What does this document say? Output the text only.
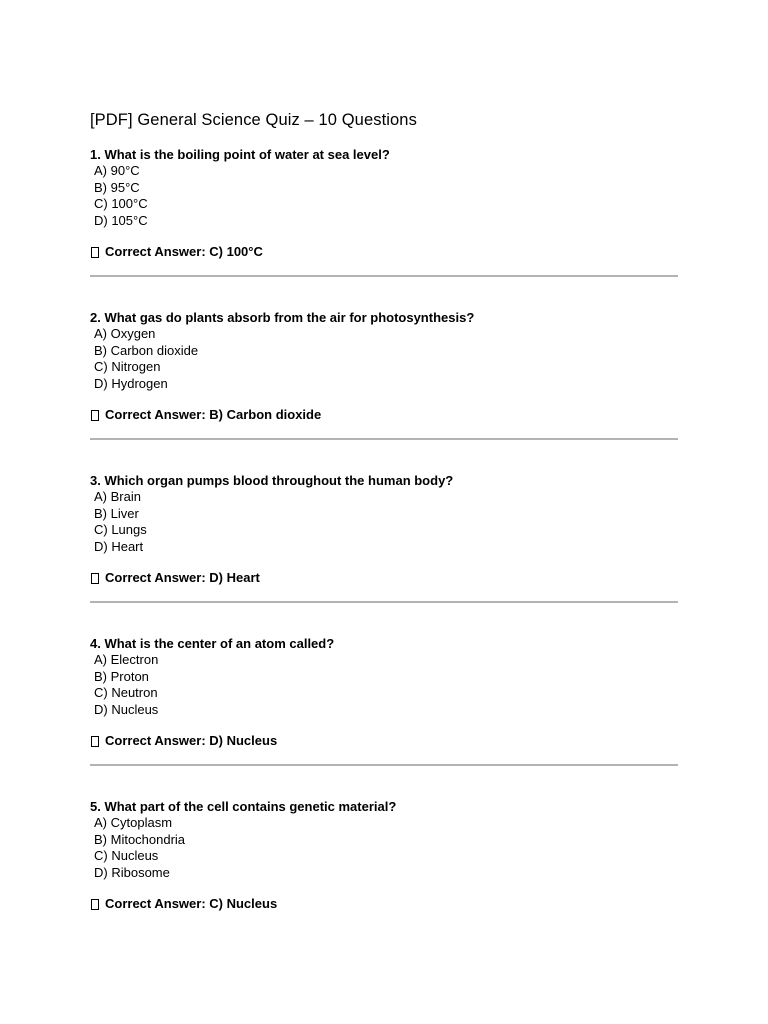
[PDF] General Science Quiz – 10 Questions
1. What is the boiling point of water at sea level?
A) 90°C
B) 95°C
C) 100°C
D) 105°C
Correct Answer: C) 100°C
2. What gas do plants absorb from the air for photosynthesis?
A) Oxygen
B) Carbon dioxide
C) Nitrogen
D) Hydrogen
Correct Answer: B) Carbon dioxide
3. Which organ pumps blood throughout the human body?
A) Brain
B) Liver
C) Lungs
D) Heart
Correct Answer: D) Heart
4. What is the center of an atom called?
A) Electron
B) Proton
C) Neutron
D) Nucleus
Correct Answer: D) Nucleus
5. What part of the cell contains genetic material?
A) Cytoplasm
B) Mitochondria
C) Nucleus
D) Ribosome
Correct Answer: C) Nucleus
